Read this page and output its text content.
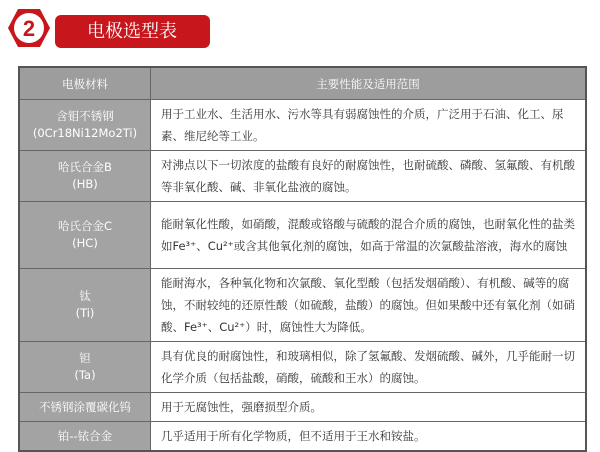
2	电极选型表
电极材料	主要性能及适用范围

含钼不锈钢
(0Cr18Ni12Mo2Ti)	用于工业水、生活用水、污水等具有弱腐蚀性的介质，广泛用于石油、化工、尿素、维尼纶等工业。

哈氏合金B
(HB)	对沸点以下一切浓度的盐酸有良好的耐腐蚀性，也耐硫酸、磷酸、氢氟酸、有机酸等非氧化酸、碱、非氧化盐液的腐蚀。

哈氏合金C
(HC)	能耐氧化性酸，如硝酸，混酸或铬酸与硫酸的混合介质的腐蚀，也耐氧化性的盐类如Fe³⁺、Cu²⁺或含其他氧化剂的腐蚀，如高于常温的次氯酸盐溶液，海水的腐蚀

钛
(Ti)	能耐海水，各种氧化物和次氯酸、氧化型酸（包括发烟硝酸）、有机酸、碱等的腐蚀，不耐较纯的还原性酸（如硫酸，盐酸）的腐蚀。但如果酸中还有氧化剂（如硝酸、Fe³⁺、Cu²⁺）时，腐蚀性大为降低。

钽
(Ta)	具有优良的耐腐蚀性，和玻璃相似，除了氢氟酸、发烟硫酸、碱外，几乎能耐一切化学介质（包括盐酸，硝酸，硫酸和王水）的腐蚀。

不锈钢涂覆碳化钨	用于无腐蚀性，强磨损型介质。

铂--铱合金	几乎适用于所有化学物质，但不适用于王水和铵盐。
